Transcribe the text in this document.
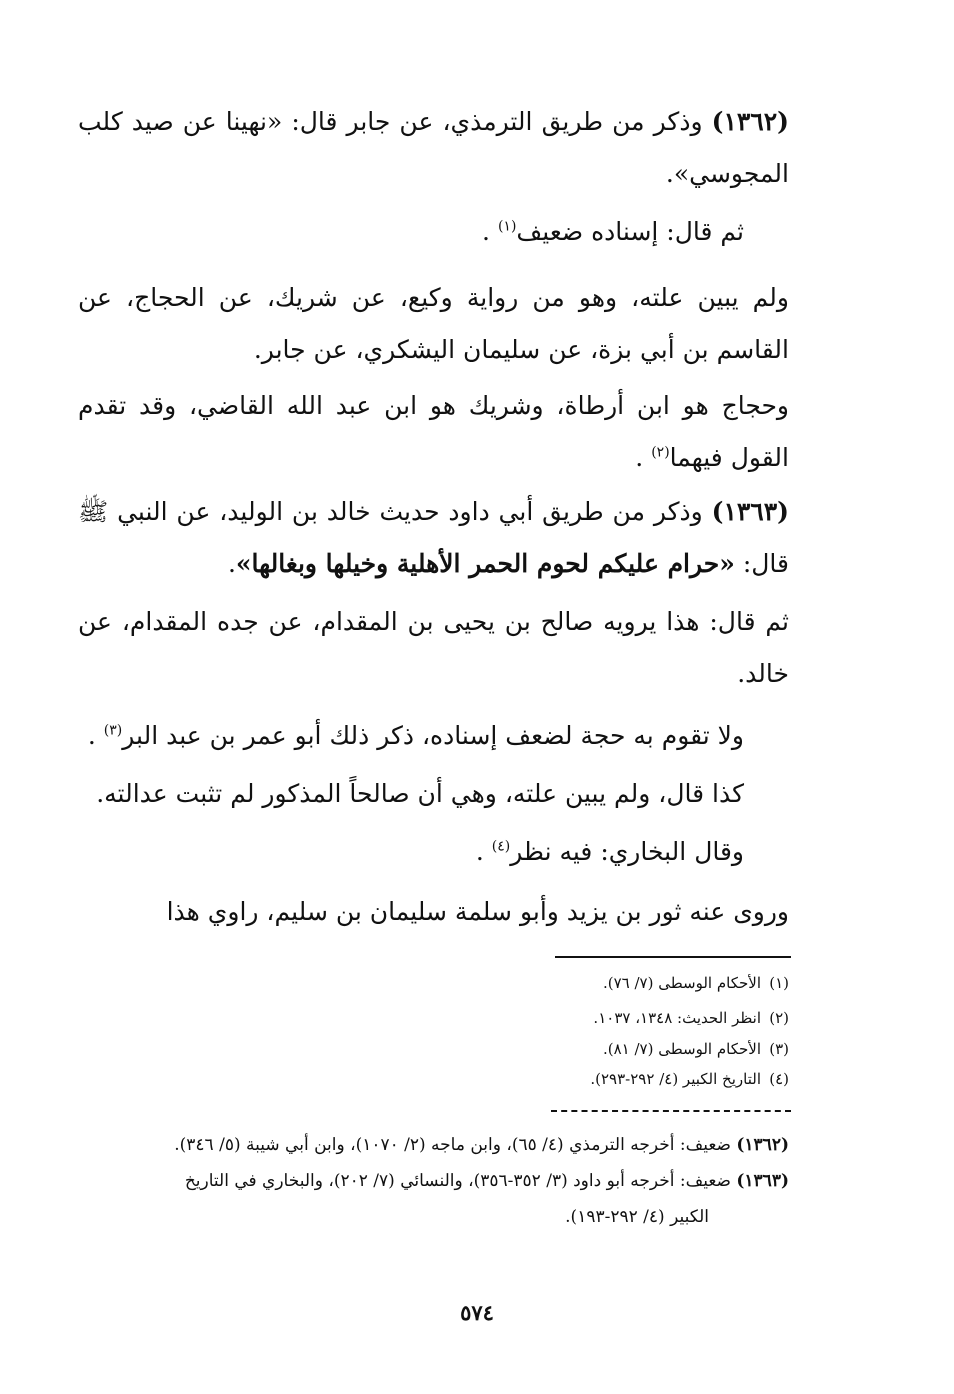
(١٣٦٢) وذكر من طريق الترمذي، عن جابر قال: «نهينا عن صيد كلب المجوسي».

ثم قال: إسناده ضعيف$^{(١)}$ .

ولم يبين علته، وهو من رواية وكيع، عن شريك، عن الحجاج، عن القاسم بن أبي بزة، عن سليمان اليشكري، عن جابر.

وحجاج هو ابن أرطاة، وشريك هو ابن عبد الله القاضي، وقد تقدم القول فيهما$^{(٢)}$ .

(١٣٦٣) وذكر من طريق أبي داود حديث خالد بن الوليد، عن النبي ﷺ قال: «حرام عليكم لحوم الحمر الأهلية وخيلها وبغالها».

ثم قال: هذا يرويه صالح بن يحيى بن المقدام، عن جده المقدام، عن خالد.

ولا تقوم به حجة لضعف إسناده، ذكر ذلك أبو عمر بن عبد البر$^{(٣)}$ .

كذا قال، ولم يبين علته، وهي أن صالحاً المذكور لم تثبت عدالته.

وقال البخاري: فيه نظر$^{(٤)}$ .

وروى عنه ثور بن يزيد وأبو سلمة سليمان بن سليم، راوي هذا

(١)الأحكام الوسطى (٧/ ٧٦).
(٢)انظر الحديث: ١٣٤٨، ١٠٣٧.
(٣)الأحكام الوسطى (٧/ ٨١).
(٤)التاريخ الكبير (٤/ ٢٩٢-٢٩٣).
(١٣٦٢) ضعيف: أخرجه الترمذي (٤/ ٦٥)، وابن ماجه (٢/ ١٠٧٠)، وابن أبي شيبة (٥/ ٣٤٦).
(١٣٦٣) ضعيف: أخرجه أبو داود (٣/ ٣٥٢-٣٥٦)، والنسائي (٧/ ٢٠٢)، والبخاري في التاريخ
الكبير (٤/ ٢٩٢-١٩٣).
٥٧٤
